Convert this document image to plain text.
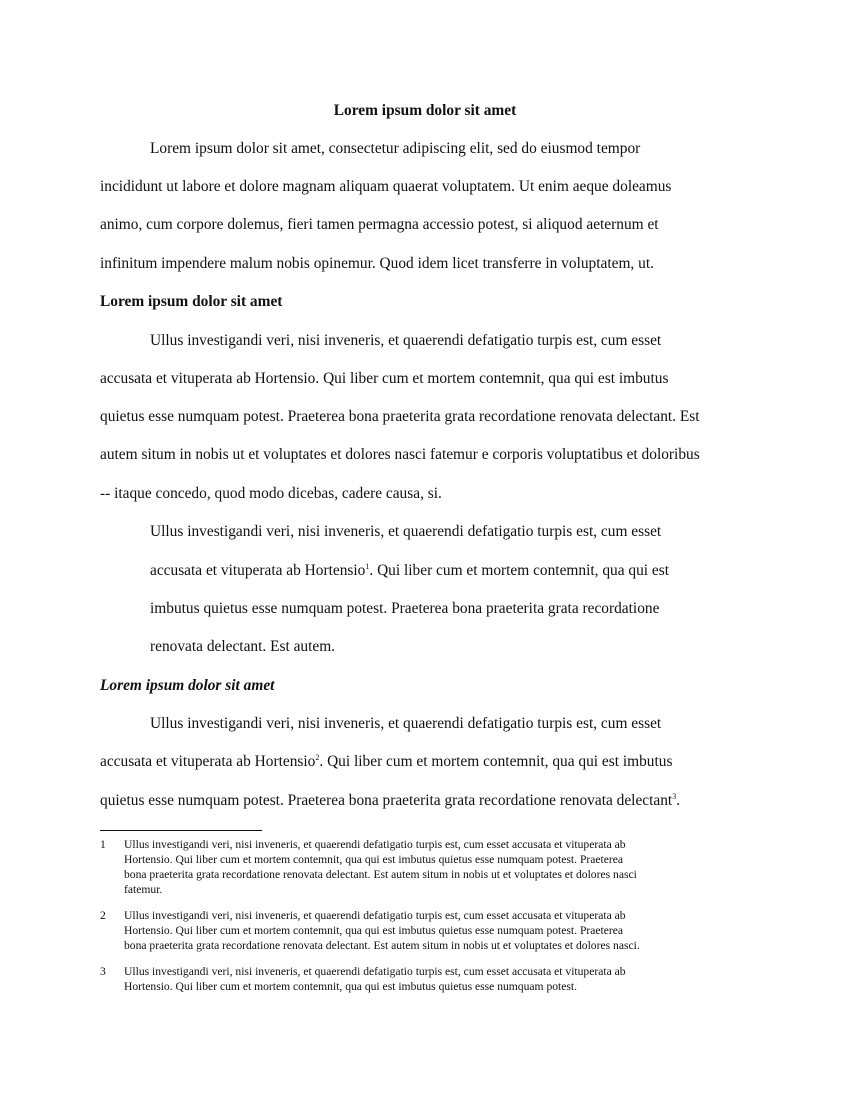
Lorem ipsum dolor sit amet
Lorem ipsum dolor sit amet, consectetur adipiscing elit, sed do eiusmod tempor
incididunt ut labore et dolore magnam aliquam quaerat voluptatem. Ut enim aeque doleamus
animo, cum corpore dolemus, fieri tamen permagna accessio potest, si aliquod aeternum et
infinitum impendere malum nobis opinemur. Quod idem licet transferre in voluptatem, ut.
Lorem ipsum dolor sit amet
Ullus investigandi veri, nisi inveneris, et quaerendi defatigatio turpis est, cum esset
accusata et vituperata ab Hortensio. Qui liber cum et mortem contemnit, qua qui est imbutus
quietus esse numquam potest. Praeterea bona praeterita grata recordatione renovata delectant. Est
autem situm in nobis ut et voluptates et dolores nasci fatemur e corporis voluptatibus et doloribus
-- itaque concedo, quod modo dicebas, cadere causa, si.
Ullus investigandi veri, nisi inveneris, et quaerendi defatigatio turpis est, cum esset
accusata et vituperata ab Hortensio$^1$. Qui liber cum et mortem contemnit, qua qui est
imbutus quietus esse numquam potest. Praeterea bona praeterita grata recordatione
renovata delectant. Est autem.
Lorem ipsum dolor sit amet
Ullus investigandi veri, nisi inveneris, et quaerendi defatigatio turpis est, cum esset
accusata et vituperata ab Hortensio$^2$. Qui liber cum et mortem contemnit, qua qui est imbutus
quietus esse numquam potest. Praeterea bona praeterita grata recordatione renovata delectant$^3$.
1 Ullus investigandi veri, nisi inveneris, et quaerendi defatigatio turpis est, cum esset accusata et vituperata ab
Hortensio. Qui liber cum et mortem contemnit, qua qui est imbutus quietus esse numquam potest. Praeterea
bona praeterita grata recordatione renovata delectant. Est autem situm in nobis ut et voluptates et dolores nasci
fatemur.
2 Ullus investigandi veri, nisi inveneris, et quaerendi defatigatio turpis est, cum esset accusata et vituperata ab
Hortensio. Qui liber cum et mortem contemnit, qua qui est imbutus quietus esse numquam potest. Praeterea
bona praeterita grata recordatione renovata delectant. Est autem situm in nobis ut et voluptates et dolores nasci.
3 Ullus investigandi veri, nisi inveneris, et quaerendi defatigatio turpis est, cum esset accusata et vituperata ab
Hortensio. Qui liber cum et mortem contemnit, qua qui est imbutus quietus esse numquam potest.
